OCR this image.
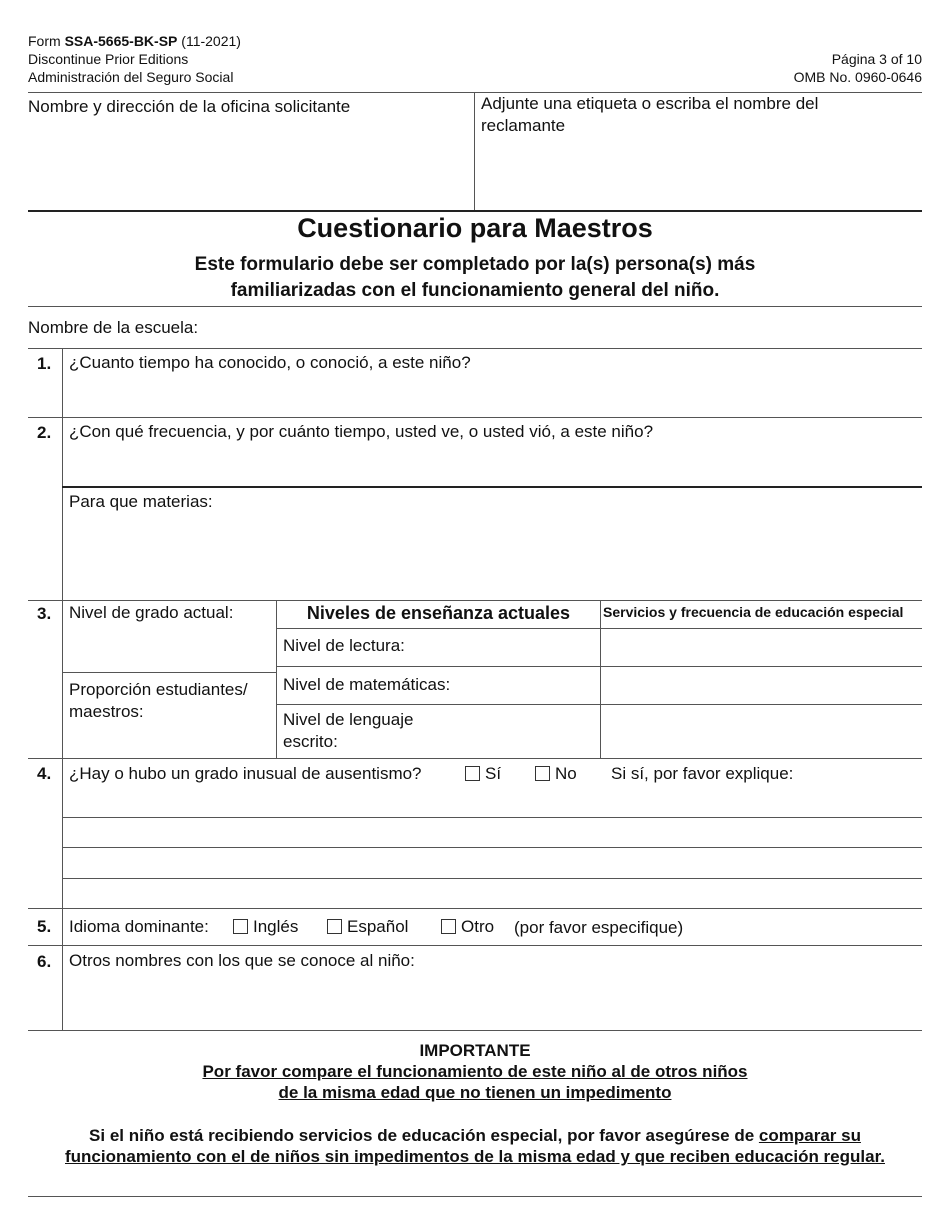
Form SSA-5665-BK-SP (11-2021)
Discontinue Prior Editions
Administración del Seguro Social
Página 3 of 10
OMB No. 0960-0646
Nombre y dirección de la oficina solicitante	Adjunte una etiqueta o escriba el nombre del reclamante
Cuestionario para Maestros
Este formulario debe ser completado por la(s) persona(s) más
familiarizadas con el funcionamiento general del niño.
Nombre de la escuela:
1. ¿Cuanto tiempo ha conocido, o conoció, a este niño?
2. ¿Con qué frecuencia, y por cuánto tiempo, usted ve, o usted vió, a este niño?
Para que materias:
3. Nivel de grado actual:
Proporción estudiantes/ maestros:
Niveles de enseñanza actuales	Servicios y frecuencia de educación especial
Nivel de lectura:
Nivel de matemáticas:
Nivel de lenguaje escrito:
4. ¿Hay o hubo un grado inusual de ausentismo?	Sí	No Si sí, por favor explique:
5. Idioma dominante:	Inglés	Español	Otro (por favor especifique)
6. Otros nombres con los que se conoce al niño:
IMPORTANTE
Por favor compare el funcionamiento de este niño al de otros niños
de la misma edad que no tienen un impedimento
Si el niño está recibiendo servicios de educación especial, por favor asegúrese de comparar su funcionamiento con el de niños sin impedimentos de la misma edad y que reciben educación regular.
